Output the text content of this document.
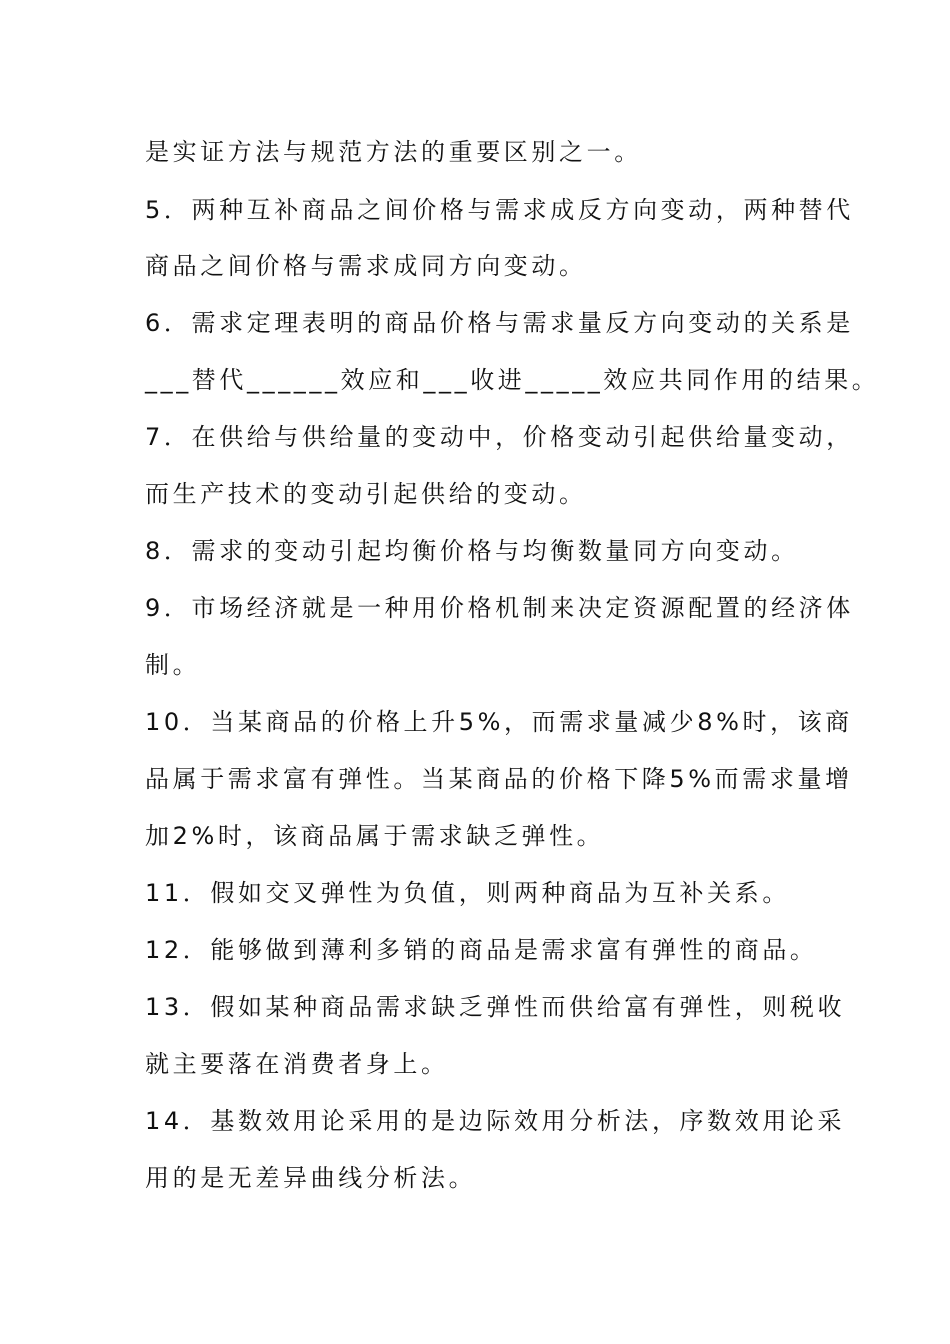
是实证方法与规范方法的重要区别之一。
5．两种互补商品之间价格与需求成反方向变动，两种替代
商品之间价格与需求成同方向变动。
6．需求定理表明的商品价格与需求量反方向变动的关系是
___替代______效应和___收进_____效应共同作用的结果。
7．在供给与供给量的变动中，价格变动引起供给量变动，
而生产技术的变动引起供给的变动。
8．需求的变动引起均衡价格与均衡数量同方向变动。
9．市场经济就是一种用价格机制来决定资源配置的经济体
制。
10．当某商品的价格上升5%，而需求量减少8%时，该商
品属于需求富有弹性。当某商品的价格下降5%而需求量增
加2%时，该商品属于需求缺乏弹性。
11．假如交叉弹性为负值，则两种商品为互补关系。
12．能够做到薄利多销的商品是需求富有弹性的商品。
13．假如某种商品需求缺乏弹性而供给富有弹性，则税收
就主要落在消费者身上。
14．基数效用论采用的是边际效用分析法，序数效用论采
用的是无差异曲线分析法。
